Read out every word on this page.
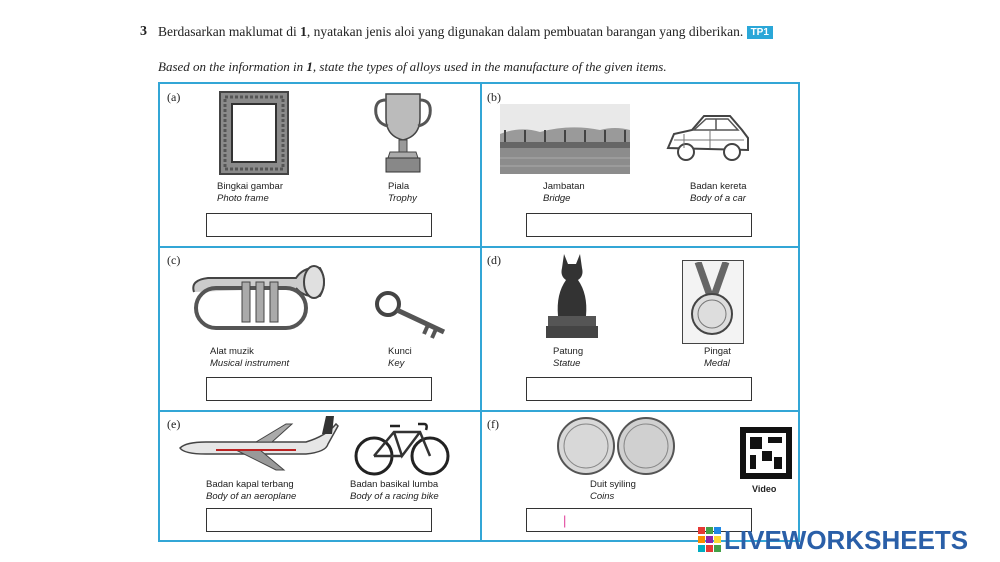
3 Berdasarkan maklumat di 1, nyatakan jenis aloi yang digunakan dalam pembuatan barangan yang diberikan. TP1
Based on the information in 1, state the types of alloys used in the manufacture of the given items.
(a)
Bingkai gambar
Photo frame
Piala
Trophy
(b)
Jambatan
Bridge
Badan kereta
Body of a car
(c)
Alat muzik
Musical instrument
Kunci
Key
(d)
Patung
Statue
Pingat
Medal
(e)
Badan kapal terbang
Body of an aeroplane
Badan basikal lumba
Body of a racing bike
(f)
Duit syiling
Coins
|
Video
LIVEWORKSHEETS
